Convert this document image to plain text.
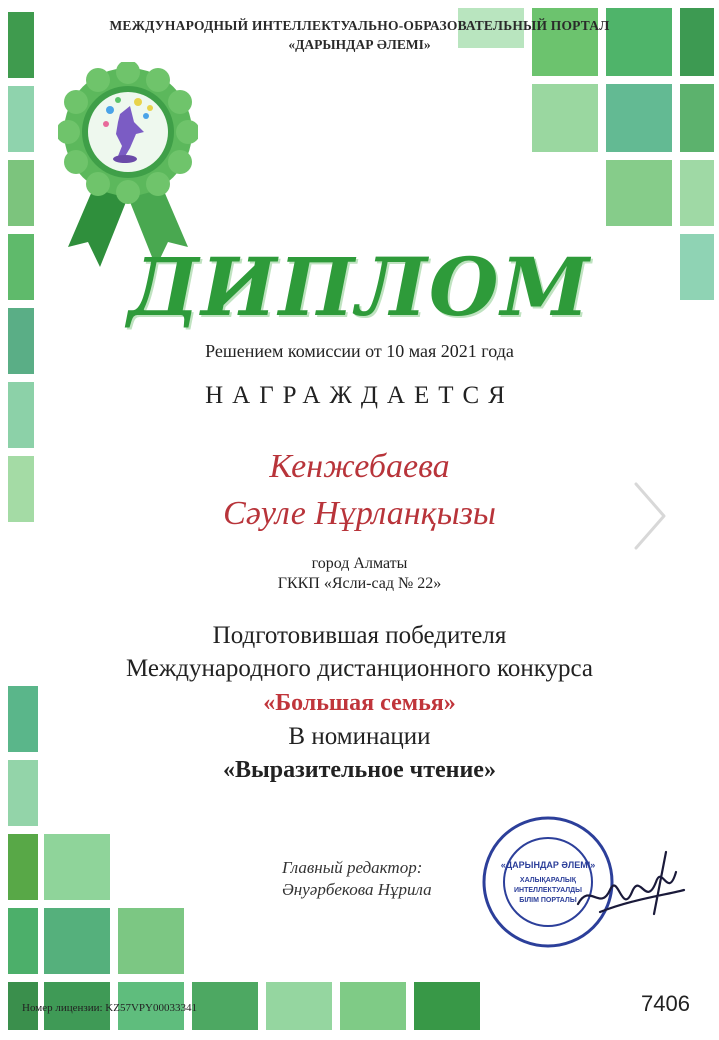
МЕЖДУНАРОДНЫЙ ИНТЕЛЛЕКТУАЛЬНО-ОБРАЗОВАТЕЛЬНЫЙ ПОРТАЛ
«ДАРЫНДАР ӘЛЕМІ»
ДИПЛОМ
Решением комиссии от 10 мая 2021 года
НАГРАЖДАЕТСЯ
Кенжебаева
Сәуле Нұрланқызы
город Алматы
ГККП «Ясли-сад № 22»
Подготовившая победителя
Международного дистанционного конкурса
«Большая семья»
В номинации
«Выразительное чтение»
Главный редактор:
Әнуәрбекова Нұрила
«ДАРЫНДАР ӘЛЕМІ»
ХАЛЫҚАРАЛЫҚ
ИНТЕЛЛЕКТУАЛДЫ
БІЛІМ ПОРТАЛЫ
Номер лицензии: KZ57VPY00033341	7406
